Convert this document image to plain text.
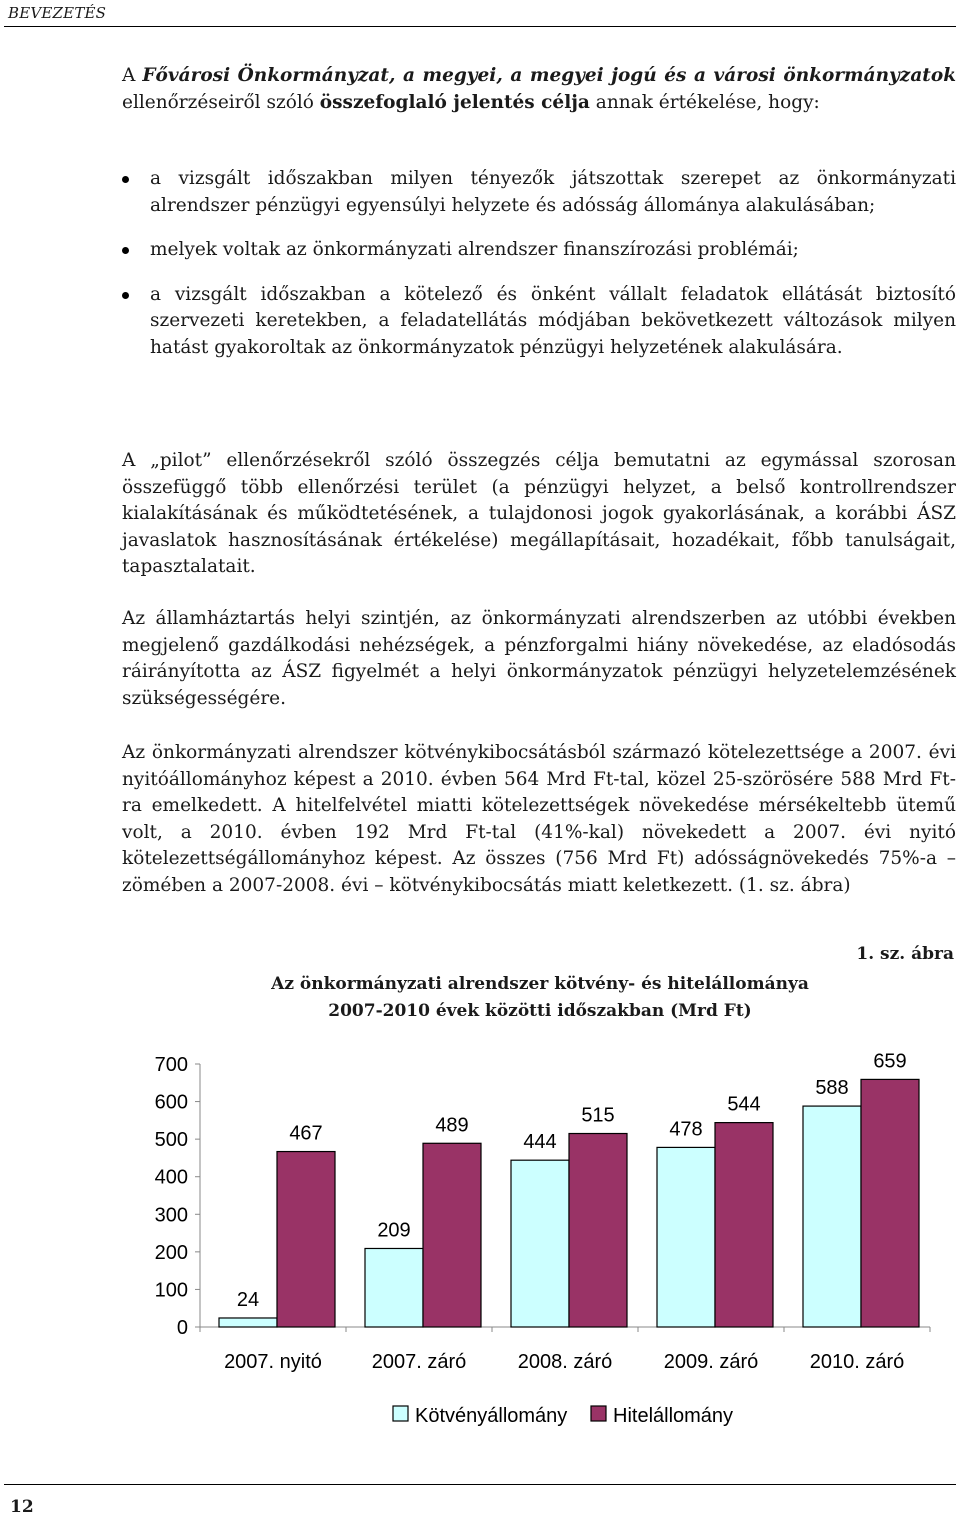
BEVEZETÉS

A Fővárosi Önkormányzat, a megyei, a megyei jogú és a városi önkormányzatok ellenőrzéseiről szóló összefoglaló jelentés célja annak értékelése, hogy:

a vizsgált időszakban milyen tényezők játszottak szerepet az önkormányzati alrendszer pénzügyi egyensúlyi helyzete és adósság állománya alakulásában;
melyek voltak az önkormányzati alrendszer finanszírozási problémái;
a vizsgált időszakban a kötelező és önként vállalt feladatok ellátását biztosító szervezeti keretekben, a feladatellátás módjában bekövetkezett változások milyen hatást gyakoroltak az önkormányzatok pénzügyi helyzetének alakulására.

A „pilot” ellenőrzésekről szóló összegzés célja bemutatni az egymással szorosan összefüggő több ellenőrzési terület (a pénzügyi helyzet, a belső kontrollrendszer kialakításának és működtetésének, a tulajdonosi jogok gyakorlásának, a korábbi ÁSZ javaslatok hasznosításának értékelése) megállapításait, hozadékait, főbb tanulságait, tapasztalatait.

Az államháztartás helyi szintjén, az önkormányzati alrendszerben az utóbbi években megjelenő gazdálkodási nehézségek, a pénzforgalmi hiány növekedése, az eladósodás ráirányította az ÁSZ figyelmét a helyi önkormányzatok pénzügyi helyzetelemzésének szükségességére.

Az önkormányzati alrendszer kötvénykibocsátásból származó kötelezettsége a 2007. évi nyitóállományhoz képest a 2010. évben 564 Mrd Ft-tal, közel 25-szörösére 588 Mrd Ft-ra emelkedett. A hitelfelvétel miatti kötelezettségek növekedése mérsékeltebb ütemű volt, a 2010. évben 192 Mrd Ft-tal (41%-kal) növekedett a 2007. évi nyitó kötelezettségállományhoz képest. Az összes (756 Mrd Ft) adósságnövekedés 75%-a – zömében a 2007-2008. évi – kötvénykibocsátás miatt keletkezett. (1. sz. ábra)

1. sz. ábra
Az önkormányzati alrendszer kötvény- és hitelállománya
2007-2010 évek közötti időszakban (Mrd Ft)
0
100
200
300
400
500
600
700
24
467
2007. nyitó
209
489
2007. záró
444
515
2008. záró
478
544
2009. záró
588
659
2010. záró
Kötvényállomány Hitelállomány
12
